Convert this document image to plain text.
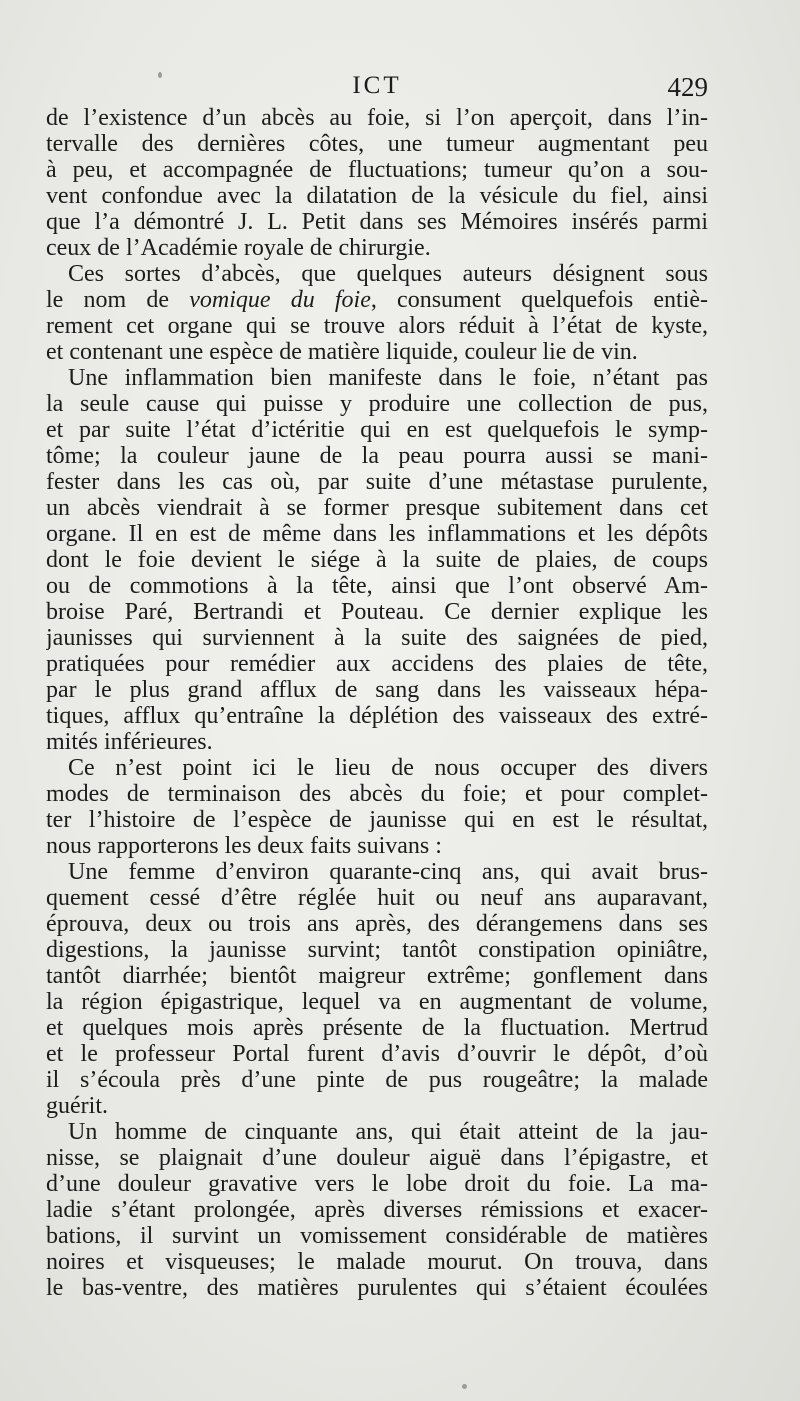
ICT	429
de l’existence d’un abcès au foie, si l’on aperçoit, dans l’in-
tervalle des dernières côtes, une tumeur augmentant peu
à peu, et accompagnée de fluctuations; tumeur qu’on a sou-
vent confondue avec la dilatation de la vésicule du fiel, ainsi
que l’a démontré J. L. Petit dans ses Mémoires insérés parmi
ceux de l’Académie royale de chirurgie.
Ces sortes d’abcès, que quelques auteurs désignent sous
le nom de vomique du foie, consument quelquefois entiè-
rement cet organe qui se trouve alors réduit à l’état de kyste,
et contenant une espèce de matière liquide, couleur lie de vin.
Une inflammation bien manifeste dans le foie, n’étant pas
la seule cause qui puisse y produire une collection de pus,
et par suite l’état d’ictéritie qui en est quelquefois le symp-
tôme; la couleur jaune de la peau pourra aussi se mani-
fester dans les cas où, par suite d’une métastase purulente,
un abcès viendrait à se former presque subitement dans cet
organe. Il en est de même dans les inflammations et les dépôts
dont le foie devient le siége à la suite de plaies, de coups
ou de commotions à la tête, ainsi que l’ont observé Am-
broise Paré, Bertrandi et Pouteau. Ce dernier explique les
jaunisses qui surviennent à la suite des saignées de pied,
pratiquées pour remédier aux accidens des plaies de tête,
par le plus grand afflux de sang dans les vaisseaux hépa-
tiques, afflux qu’entraîne la déplétion des vaisseaux des extré-
mités inférieures.
Ce n’est point ici le lieu de nous occuper des divers
modes de terminaison des abcès du foie; et pour complet-
ter l’histoire de l’espèce de jaunisse qui en est le résultat,
nous rapporterons les deux faits suivans :
Une femme d’environ quarante-cinq ans, qui avait brus-
quement cessé d’être réglée huit ou neuf ans auparavant,
éprouva, deux ou trois ans après, des dérangemens dans ses
digestions, la jaunisse survint; tantôt constipation opiniâtre,
tantôt diarrhée; bientôt maigreur extrême; gonflement dans
la région épigastrique, lequel va en augmentant de volume,
et quelques mois après présente de la fluctuation. Mertrud
et le professeur Portal furent d’avis d’ouvrir le dépôt, d’où
il s’écoula près d’une pinte de pus rougeâtre; la malade
guérit.
Un homme de cinquante ans, qui était atteint de la jau-
nisse, se plaignait d’une douleur aiguë dans l’épigastre, et
d’une douleur gravative vers le lobe droit du foie. La ma-
ladie s’étant prolongée, après diverses rémissions et exacer-
bations, il survint un vomissement considérable de matières
noires et visqueuses; le malade mourut. On trouva, dans
le bas-ventre, des matières purulentes qui s’étaient écoulées
